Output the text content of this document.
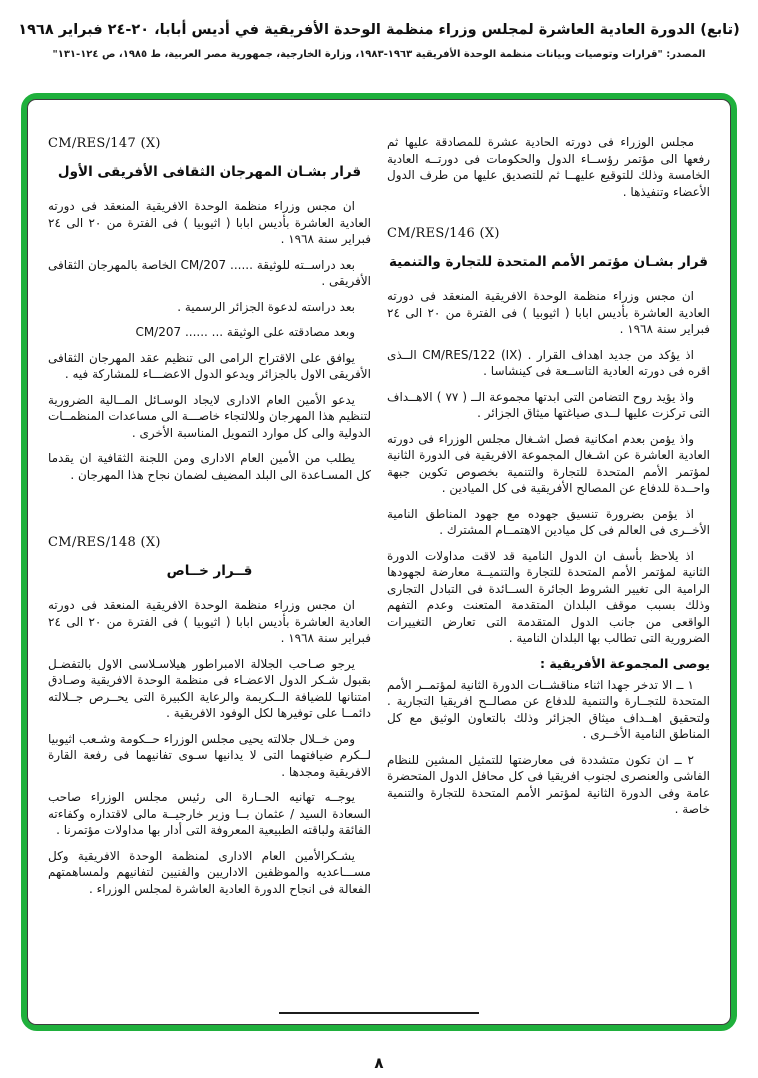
(تابع) الدورة العادية العاشرة لمجلس وزراء منظمة الوحدة الأفريقية في أديس أبابا، ٢٠-٢٤ فبراير ١٩٦٨
المصدر: "قرارات وتوصيات وبيانات منظمة الوحدة الأفريقية ١٩٦٣-١٩٨٣، وزارة الخارجية، جمهورية مصر العربية، ط ١٩٨٥، ص ١٢٤-١٣١"

مجلس الوزراء فى دورته الحادية عشرة للمصادقة عليها ثم رفعها الى مؤتمر رؤســاء الدول والحكومات فى دورتــه العادية الخامسة وذلك للتوقيع عليهــا ثم للتصديق عليها من طرف الدول الأعضاء وتنفيذها .

CM/RES/146 (X)
قرار بشـان مؤتمر الأمم المتحدة للتجارة والتنمية

ان مجس وزراء منظمة الوحدة الافريقية المنعقد فى دورته العادية العاشرة بأديس ابابا ( اثيوبيا ) فى الفترة من ٢٠ الى ٢٤ فبراير سنة ١٩٦٨ .

اذ يؤكد من جديد اهداف القرار . CM/RES/122 (IX) الــذى اقره فى دورته العادية التاســعة فى كينشاسا .

واذ يؤيد روح التضامن التى ابدتها مجموعة الــ ( ٧٧ ) الاهــداف التى تركزت عليها لــدى صياغتها ميثاق الجزائر .

واذ يؤمن بعدم امكانية فصل اشـغال مجلس الوزراء فى دورته العادية العاشرة عن اشـغال المجموعة الافريقية فى الدورة الثانية لمؤتمر الأمم المتحدة للتجارة والتنمية بخصوص تكوين جبهة واحــدة للدفاع عن المصالح الأفريقية فى كل الميادين .

اذ يؤمن بضرورة تنسيق جهوده مع جهود المناطق النامية الأخــرى فى العالم فى كل ميادين الاهتمــام المشترك .

اذ يلاحظ بأسف ان الدول النامية قد لاقت مداولات الدورة الثانية لمؤتمر الأمم المتحدة للتجارة والتنميــة معارضة لجهودها الرامية الى تغيير الشروط الجائرة الســائدة فى التبادل التجارى وذلك بسبب موقف البلدان المتقدمة المتعنت وعدم التفهم الواقعى من جانب الدول المتقدمة التى تعارض التغييرات الضرورية التى تطالب بها البلدان النامية .

يوصى المجموعة الأفريقية :

١ ــ الا تدخر جهدا اثناء مناقشــات الدورة الثانية لمؤتمــر الأمم المتحدة للتجــارة والتنمية للدفاع عن مصالــح افريقيا التجارية . ولتحقيق اهــداف ميثاق الجزائر وذلك بالتعاون الوثيق مع كل المناطق النامية الأخــرى .

٢ ــ ان تكون متشددة فى معارضتها للتمثيل المشين للنظام الفاشى والعنصرى لجنوب افريقيا فى كل محافل الدول المتحضرة عامة وفى الدورة الثانية لمؤتمر الأمم المتحدة للتجارة والتنمية خاصة .

CM/RES/147 (X)
قرار بشـان المهرجان الثقافى الأفريقى الأول

ان مجس وزراء منظمة الوحدة الافريقية المنعقد فى دورته العادية العاشرة بأديس ابابا ( اثيوبيا ) فى الفترة من ٢٠ الى ٢٤ فبراير سنة ١٩٦٨ .

بعد دراســته للوثيقة ...... CM/207 الخاصة بالمهرجان الثقافى الأفريقى .

بعد دراسته لدعوة الجزائر الرسمية .

وبعد مصادقته على الوثيقة ... ...... CM/207

يوافق على الاقتراح الرامى الى تنظيم عقد المهرجان الثقافى الأفريقى الاول بالجزائر ويدعو الدول الاعضـــاء للمشاركة فيه .

يدعو الأمين العام الادارى لايجاد الوسـائل المــالية الضرورية لتنظيم هذا المهرجان وللالتجاء خاصـــة الى مساعدات المنظمــات الدولية والى كل موارد التمويل المناسبة الأخرى .

يطلب من الأمين العام الادارى ومن اللجنة الثقافية ان يقدما كل المسـاعدة الى البلد المضيف لضمان نجاح هذا المهرجان .

CM/RES/148 (X)
قــرار خــاص

ان مجس وزراء منظمة الوحدة الافريقية المنعقد فى دورته العادية العاشرة بأديس ابابا ( اثيوبيا ) فى الفترة من ٢٠ الى ٢٤ فبراير سنة ١٩٦٨ .

يرجو صـاحب الجلالة الامبراطور هيلاسـلاسى الاول بالتفضـل بقبول شـكر الدول الاعضـاء فى منظمة الوحدة الافريقية وصـادق امتنانها للضيافة الــكريمة والرعاية الكبيرة التى يحــرص جــلالته دائمــا على توفيرها لكل الوفود الافريقية .

ومن خــلال جلالته يحيى مجلس الوزراء حــكومة وشـعب اثيوبيا لــكرم ضيافتهما التى لا يدانيها سـوى تفانيهما فى رفعة القارة الافريقية ومجدها .

يوجــه تهانيه الحــارة الى رئيس مجلس الوزراء صاحب السعادة السيد / عثمان بــا وزير خارجيــة مالى لاقتداره وكفاءته الفائقة ولباقته الطبيعية المعروفة التى أدار بها مداولات مؤتمرنا .

يشـكرالأمين العام الادارى لمنظمة الوحدة الافريقية وكل مســـاعديه والموظفين الاداريين والفنيين لتفانيهم ولمساهمتهم الفعالة فى انجاح الدورة العادية العاشرة لمجلس الوزراء .

٨
